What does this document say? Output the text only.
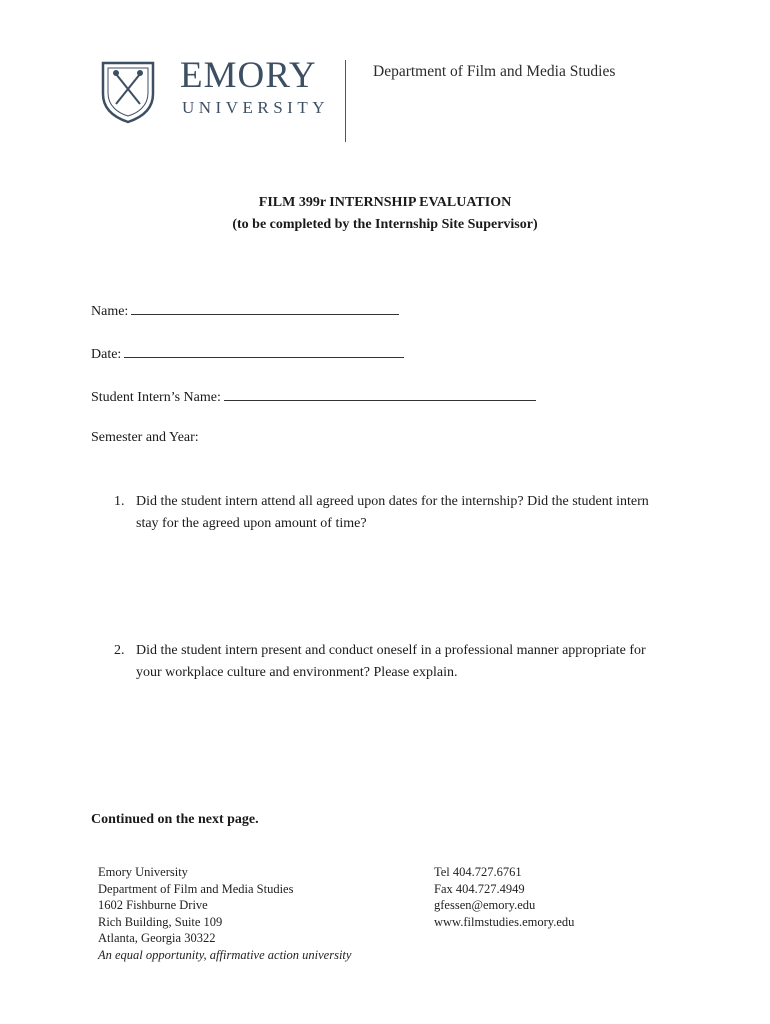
EMORY
UNIVERSITY
Department of Film and Media Studies
FILM 399r INTERNSHIP EVALUATION
(to be completed by the Internship Site Supervisor)
Name:
Date:
Student Intern’s Name:
Semester and Year:
1. Did the student intern attend all agreed upon dates for the internship? Did the student intern stay for the agreed upon amount of time?
2. Did the student intern present and conduct oneself in a professional manner appropriate for your workplace culture and environment? Please explain.
Continued on the next page.
Emory University
Department of Film and Media Studies
1602 Fishburne Drive
Rich Building, Suite 109
Atlanta, Georgia 30322
An equal opportunity, affirmative action university
Tel 404.727.6761
Fax 404.727.4949
gfessen@emory.edu
www.filmstudies.emory.edu
